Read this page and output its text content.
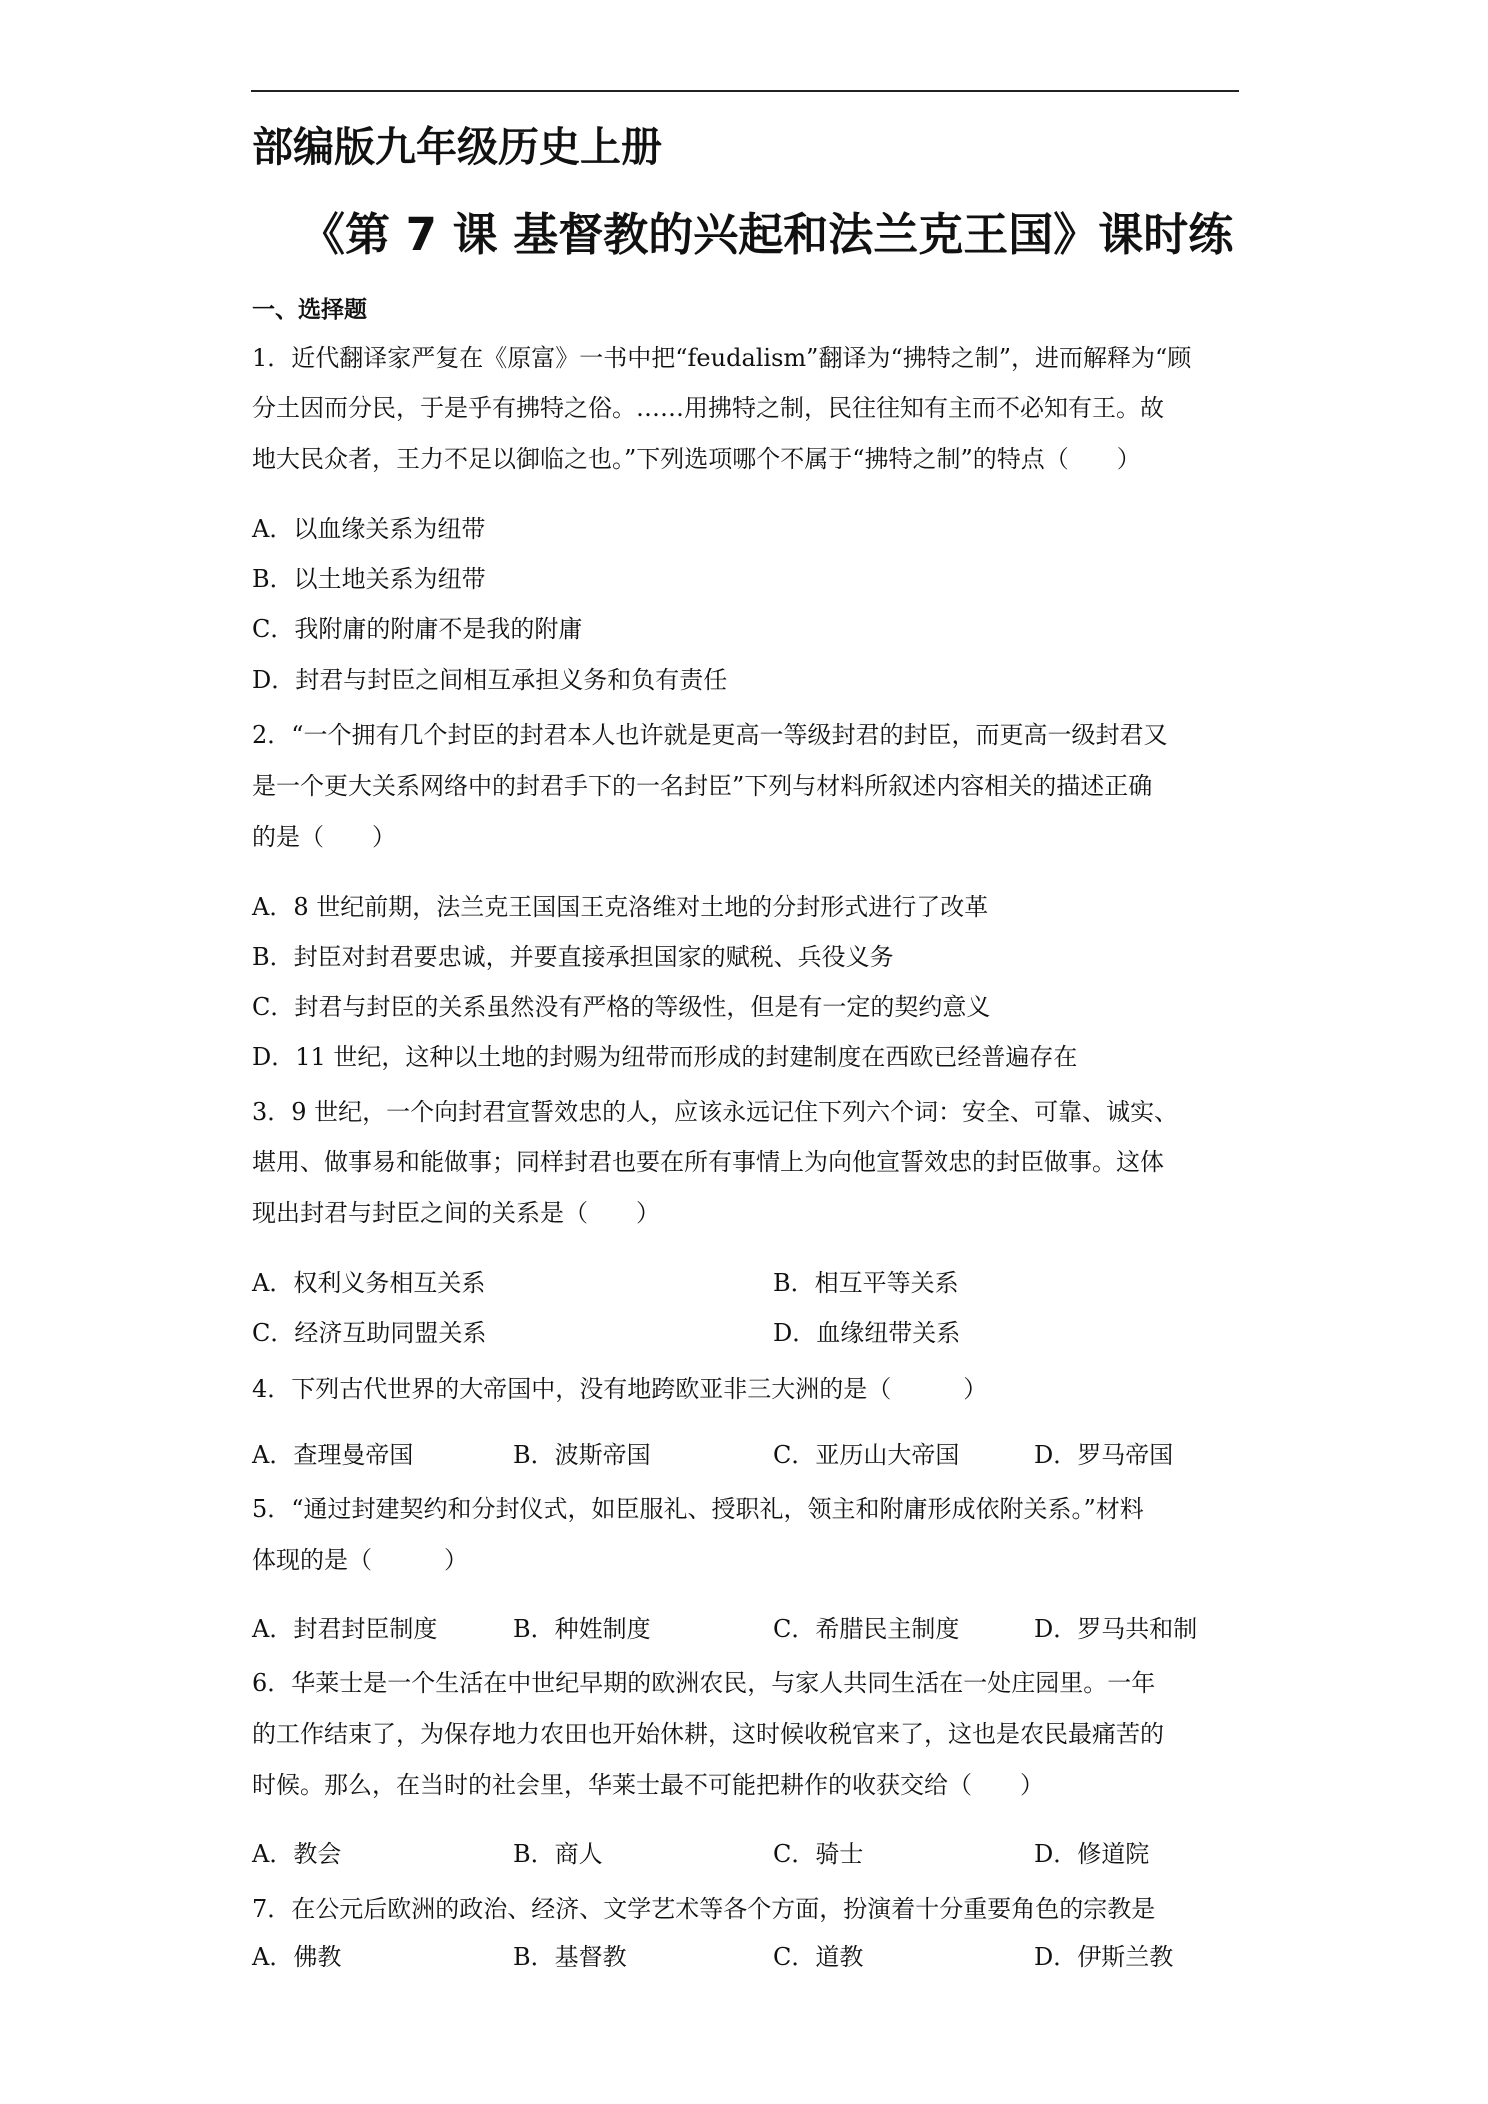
部编版九年级历史上册
《第 7 课 基督教的兴起和法兰克王国》课时练
一、选择题
1．近代翻译家严复在《原富》一书中把“feudalism”翻译为“拂特之制”，进而解释为“顾
分土因而分民，于是乎有拂特之俗。……用拂特之制，民往往知有主而不必知有王。故
地大民众者，王力不足以御临之也。”下列选项哪个不属于“拂特之制”的特点（　　）
A．以血缘关系为纽带
B．以土地关系为纽带
C．我附庸的附庸不是我的附庸
D．封君与封臣之间相互承担义务和负有责任
2．“一个拥有几个封臣的封君本人也许就是更高一等级封君的封臣，而更高一级封君又
是一个更大关系网络中的封君手下的一名封臣”下列与材料所叙述内容相关的描述正确
的是（　　）
A．8 世纪前期，法兰克王国国王克洛维对土地的分封形式进行了改革
B．封臣对封君要忠诚，并要直接承担国家的赋税、兵役义务
C．封君与封臣的关系虽然没有严格的等级性，但是有一定的契约意义
D．11 世纪，这种以土地的封赐为纽带而形成的封建制度在西欧已经普遍存在
3．9 世纪，一个向封君宣誓效忠的人，应该永远记住下列六个词：安全、可靠、诚实、
堪用、做事易和能做事；同样封君也要在所有事情上为向他宣誓效忠的封臣做事。这体
现出封君与封臣之间的关系是（　　）
A．权利义务相互关系	B．相互平等关系
C．经济互助同盟关系	D．血缘纽带关系
4．下列古代世界的大帝国中，没有地跨欧亚非三大洲的是（　　　）
A．查理曼帝国	B．波斯帝国	C．亚历山大帝国	D．罗马帝国
5．“通过封建契约和分封仪式，如臣服礼、授职礼，领主和附庸形成依附关系。”材料
体现的是（　　　）
A．封君封臣制度	B．种姓制度	C．希腊民主制度	D．罗马共和制
6．华莱士是一个生活在中世纪早期的欧洲农民，与家人共同生活在一处庄园里。一年
的工作结束了，为保存地力农田也开始休耕，这时候收税官来了，这也是农民最痛苦的
时候。那么，在当时的社会里，华莱士最不可能把耕作的收获交给（　　）
A．教会	B．商人	C．骑士	D．修道院
7．在公元后欧洲的政治、经济、文学艺术等各个方面，扮演着十分重要角色的宗教是
A．佛教	B．基督教	C．道教	D．伊斯兰教
